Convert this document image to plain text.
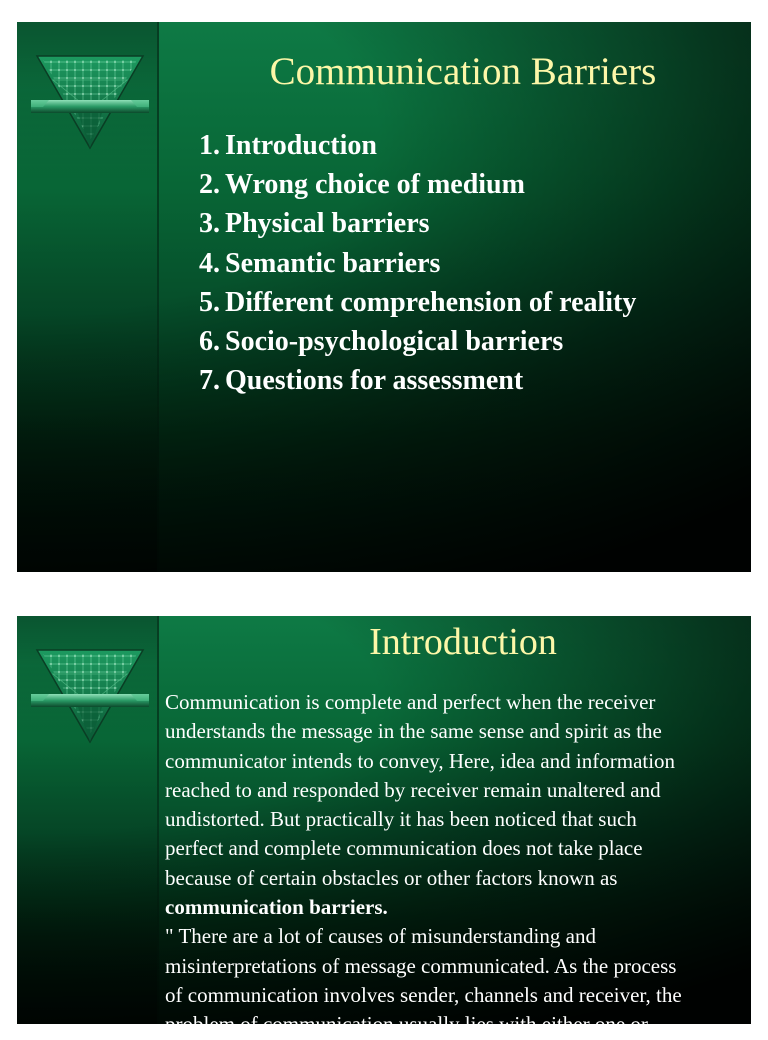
Communication Barriers
1. Introduction
2. Wrong choice of medium
3. Physical barriers
4. Semantic barriers
5. Different comprehension of reality
6. Socio-psychological barriers
7. Questions for assessment
Introduction
Communication is complete and perfect when the receiver
understands the message in the same sense and spirit as the
communicator intends to convey, Here, idea and information
reached to and responded by receiver remain unaltered and
undistorted. But practically it has been noticed that such
perfect and complete communication does not take place
because of certain obstacles or other factors known as
communication barriers.
" There are a lot of causes of misunderstanding and
misinterpretations of message communicated. As the process
of communication involves sender, channels and receiver, the
problem of communication usually lies with either one or
